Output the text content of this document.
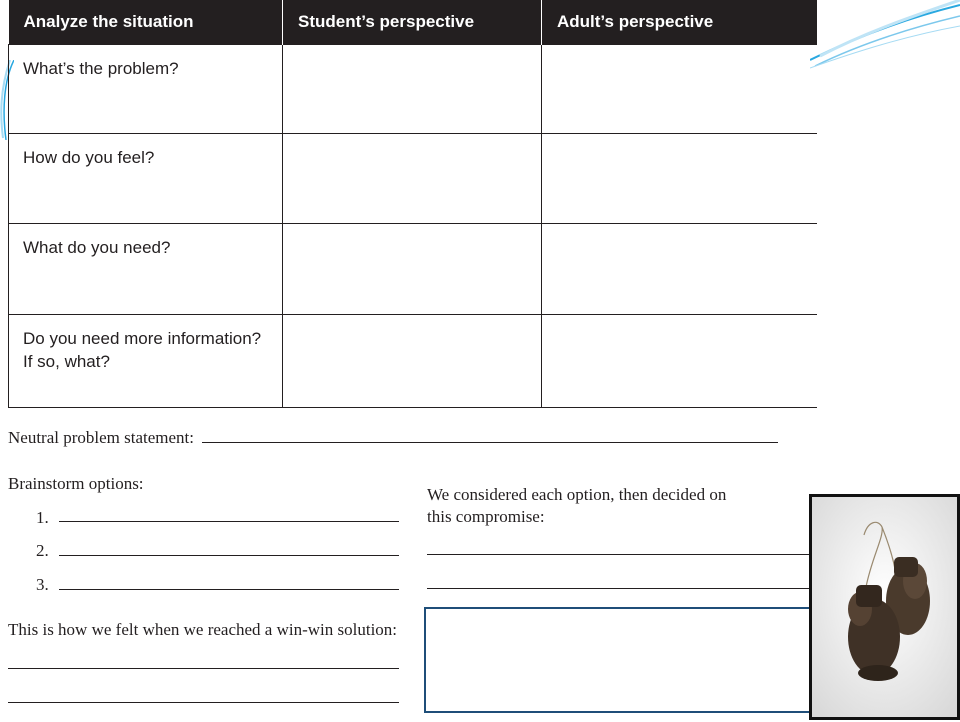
Analyze the situation	Student’s perspective	Adult’s perspective
What’s the problem?		
How do you feel?		
What do you need?		
Do you need more information? If so, what?		
Neutral problem statement:
Brainstorm options:
1.
2.
3.
We considered each option, then decided on
this compromise:
This is how we felt when we reached a win-win solution:
